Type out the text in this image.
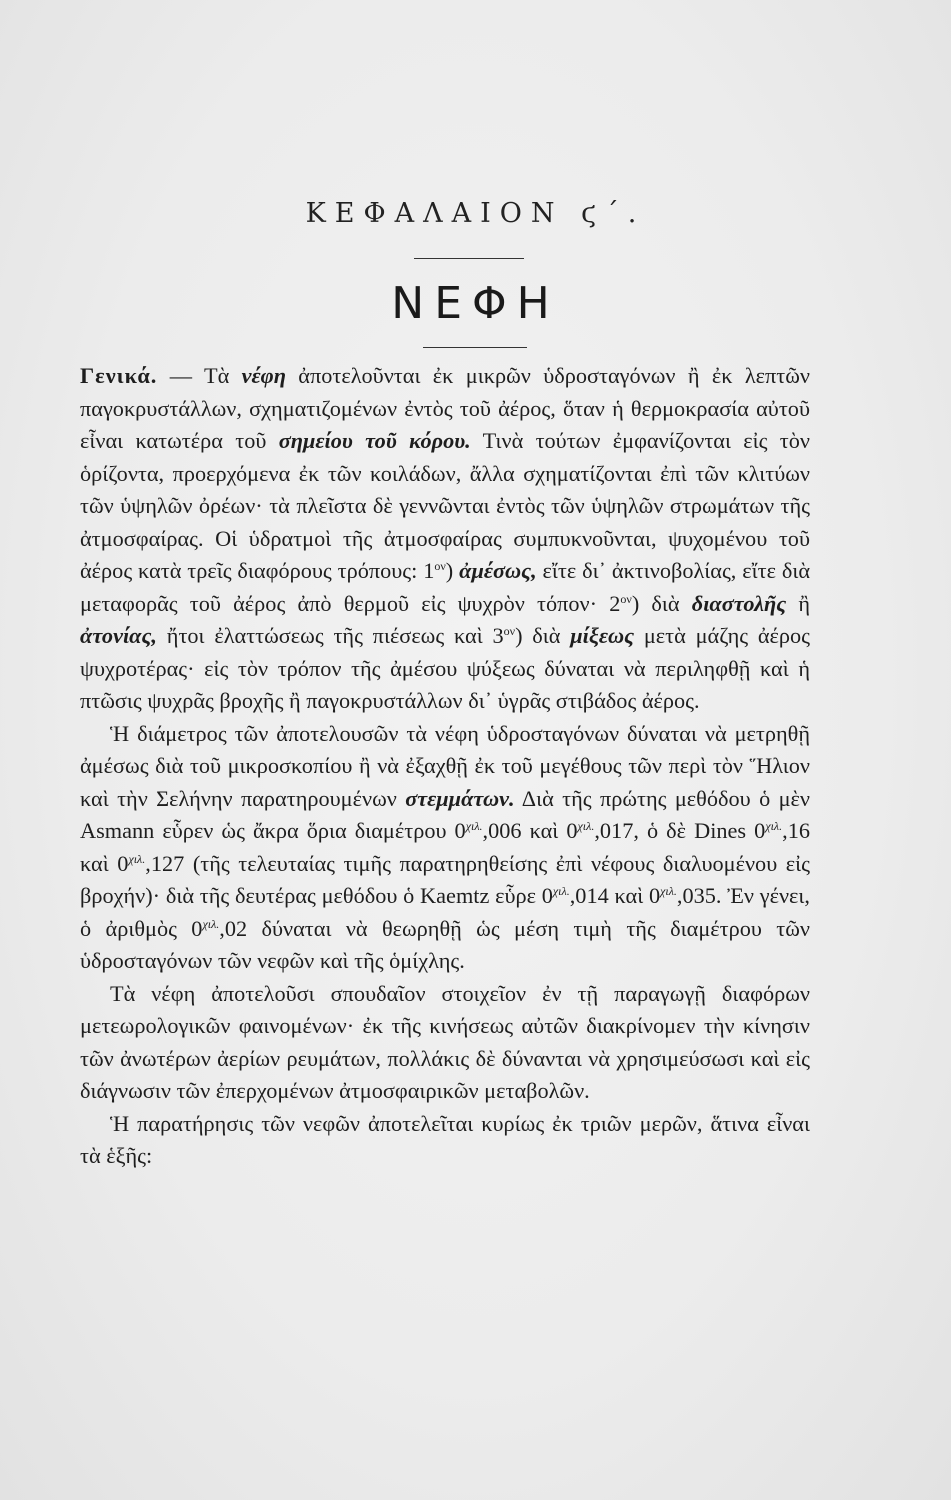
ΚΕΦΑΛΑΙΟΝ ϛ΄.
ΝΕΦΗ

Γενικά. — Τὰ νέφη ἀποτελοῦνται ἐκ μικρῶν ὑδροσταγόνων ἢ ἐκ λεπτῶν παγοκρυστάλλων, σχηματιζομένων ἐντὸς τοῦ ἀέρος, ὅταν ἡ θερμοκρασία αὐτοῦ εἶναι κατωτέρα τοῦ σημείου τοῦ κόρου. Τινὰ τούτων ἐμφανίζονται εἰς τὸν ὁρίζοντα, προερχόμενα ἐκ τῶν κοιλάδων, ἄλλα σχηματίζονται ἐπὶ τῶν κλιτύων τῶν ὑψηλῶν ὀρέων· τὰ πλεῖστα δὲ γεννῶνται ἐντὸς τῶν ὑψηλῶν στρωμάτων τῆς ἀτμοσφαίρας. Οἱ ὑδρατμοὶ τῆς ἀτμοσφαίρας συμπυκνοῦνται, ψυχομένου τοῦ ἀέρος κατὰ τρεῖς διαφόρους τρόπους: $1^{o\nu}$) ἀμέσως, εἴτε δι᾽ ἀκτινοβολίας, εἴτε διὰ μεταφορᾶς τοῦ ἀέρος ἀπὸ θερμοῦ εἰς ψυχρὸν $\tau ό\pi o\nu\cdot 2^{o\nu}$) διὰ διαστολῆς ἢ ἀτονίας, ἤτοι ἐλαττώσεως τῆς πιέσεως καὶ $3^{o\nu}$) διὰ μίξεως μετὰ μάζης ἀέρος ψυχροτέρας· εἰς τὸν τρόπον τῆς ἀμέσου ψύξεως δύναται νὰ περιληφθῇ καὶ ἡ πτῶσις ψυχρᾶς βροχῆς ἢ παγοκρυστάλλων δι᾽ ὑγρᾶς στιβάδος ἀέρος.

Ἡ διάμετρος τῶν ἀποτελουσῶν τὰ νέφη ὑδροσταγόνων δύναται νὰ μετρηθῇ ἀμέσως διὰ τοῦ μικροσκοπίου ἢ νὰ ἐξαχθῇ ἐκ τοῦ μεγέθους τῶν περὶ τὸν Ἥλιον καὶ τὴν Σελήνην παρατηρουμένων στεμμάτων. Διὰ τῆς πρώτης μεθόδου ὁ μὲν Asmann εὗρεν ὡς ἄκρα ὅρια διαμέτρου $0^{\chi\iota\lambda.},006$ καὶ $0^{\chi\iota\lambda.},017$, ὁ δὲ Dines $0^{\chi\iota\lambda.},16$ καὶ $0^{\chi\iota\lambda.},127$ (τῆς τελευταίας τιμῆς παρατηρηθείσης ἐπὶ νέφους διαλυομένου εἰς βροχήν)· διὰ τῆς δευτέρας μεθόδου ὁ Kaemtz εὗρε $0^{\chi\iota\lambda.},014$ καὶ $0^{\chi\iota\lambda.},035$. Ἐν γένει, ὁ ἀριθμὸς $0^{\chi\iota\lambda.},02$ δύναται νὰ θεωρηθῇ ὡς μέση τιμὴ τῆς διαμέτρου τῶν ὑδροσταγόνων τῶν νεφῶν καὶ τῆς ὁμίχλης.

Τὰ νέφη ἀποτελοῦσι σπουδαῖον στοιχεῖον ἐν τῇ παραγωγῇ διαφόρων μετεωρολογικῶν φαινομένων· ἐκ τῆς κινήσεως αὐτῶν διακρίνομεν τὴν κίνησιν τῶν ἀνωτέρων ἀερίων ρευμάτων, πολλάκις δὲ δύνανται νὰ χρησιμεύσωσι καὶ εἰς διάγνωσιν τῶν ἐπερχομένων ἀτμοσφαιρικῶν μεταβολῶν.

Ἡ παρατήρησις τῶν νεφῶν ἀποτελεῖται κυρίως ἐκ τριῶν μερῶν, ἅτινα εἶναι τὰ ἑξῆς:
